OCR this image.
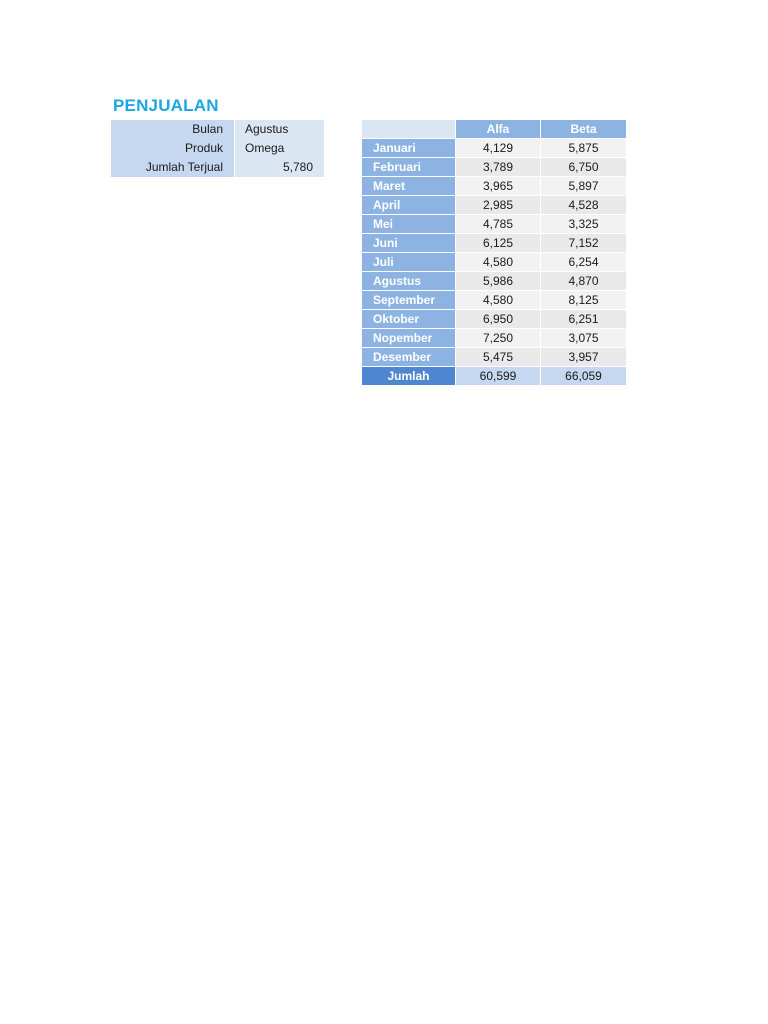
PENJUALAN
Bulan		Agustus
Produk		Omega
Jumlah Terjual		5,780
	Alfa	Beta
Januari	4,129	5,875
Februari	3,789	6,750
Maret	3,965	5,897
April	2,985	4,528
Mei	4,785	3,325
Juni	6,125	7,152
Juli	4,580	6,254
Agustus	5,986	4,870
September	4,580	8,125
Oktober	6,950	6,251
Nopember	7,250	3,075
Desember	5,475	3,957
Jumlah	60,599	66,059
